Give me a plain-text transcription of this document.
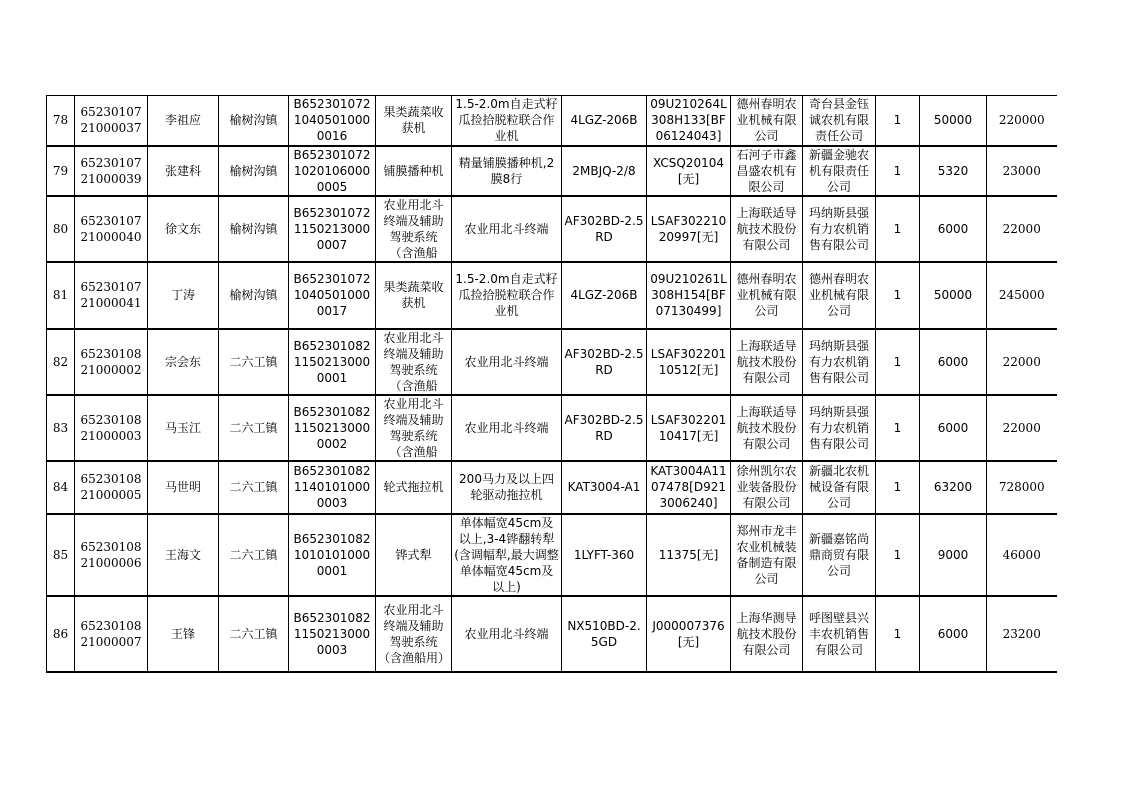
78	6523010721000037	李祖应	榆树沟镇	B65230107210405010000016	果类蔬菜收获机	1.5-2.0m自走式籽瓜捡拾脱粒联合作业机	4LGZ-206B	09U210264L308H133[BF06124043]	德州春明农业机械有限公司	奇台县金钰诚农机有限责任公司	1	50000	220000
79	6523010721000039	张建科	榆树沟镇	B65230107210201060000005	铺膜播种机	精量铺膜播种机,2膜8行	2MBJQ-2/8	XCSQ20104[无]	石河子市鑫昌盛农机有限公司	新疆金驰农机有限责任公司	1	5320	23000
80	6523010721000040	徐文东	榆树沟镇	B65230107211502130000007	农业用北斗终端及辅助驾驶系统（含渔船	农业用北斗终端	AF302BD-2.5RD	LSAF30221020997[无]	上海联适导航技术股份有限公司	玛纳斯县强有力农机销售有限公司	1	6000	22000
81	6523010721000041	丁涛	榆树沟镇	B65230107210405010000017	果类蔬菜收获机	1.5-2.0m自走式籽瓜捡拾脱粒联合作业机	4LGZ-206B	09U210261L308H154[BF07130499]	德州春明农业机械有限公司	德州春明农业机械有限公司	1	50000	245000
82	6523010821000002	宗会东	二六工镇	B65230108211502130000001	农业用北斗终端及辅助驾驶系统（含渔船	农业用北斗终端	AF302BD-2.5RD	LSAF30220110512[无]	上海联适导航技术股份有限公司	玛纳斯县强有力农机销售有限公司	1	6000	22000
83	6523010821000003	马玉江	二六工镇	B65230108211502130000002	农业用北斗终端及辅助驾驶系统（含渔船	农业用北斗终端	AF302BD-2.5RD	LSAF30220110417[无]	上海联适导航技术股份有限公司	玛纳斯县强有力农机销售有限公司	1	6000	22000
84	6523010821000005	马世明	二六工镇	B65230108211401010000003	轮式拖拉机	200马力及以上四轮驱动拖拉机	KAT3004-A1	KAT3004A1107478[D9213006240]	徐州凯尔农业装备股份有限公司	新疆北农机械设备有限公司	1	63200	728000
85	6523010821000006	王海文	二六工镇	B65230108210101010000001	铧式犁	单体幅宽45cm及以上,3-4铧翻转犁(含调幅犁,最大调整单体幅宽45cm及以上)	1LYFT-360	11375[无]	郑州市龙丰农业机械装备制造有限公司	新疆嘉铭尚鼎商贸有限公司	1	9000	46000
86	6523010821000007	王锋	二六工镇	B65230108211502130000003	农业用北斗终端及辅助驾驶系统（含渔船用）	农业用北斗终端	NX510BD-2.5GD	J000007376[无]	上海华测导航技术股份有限公司	呼图壁县兴丰农机销售有限公司	1	6000	23200
